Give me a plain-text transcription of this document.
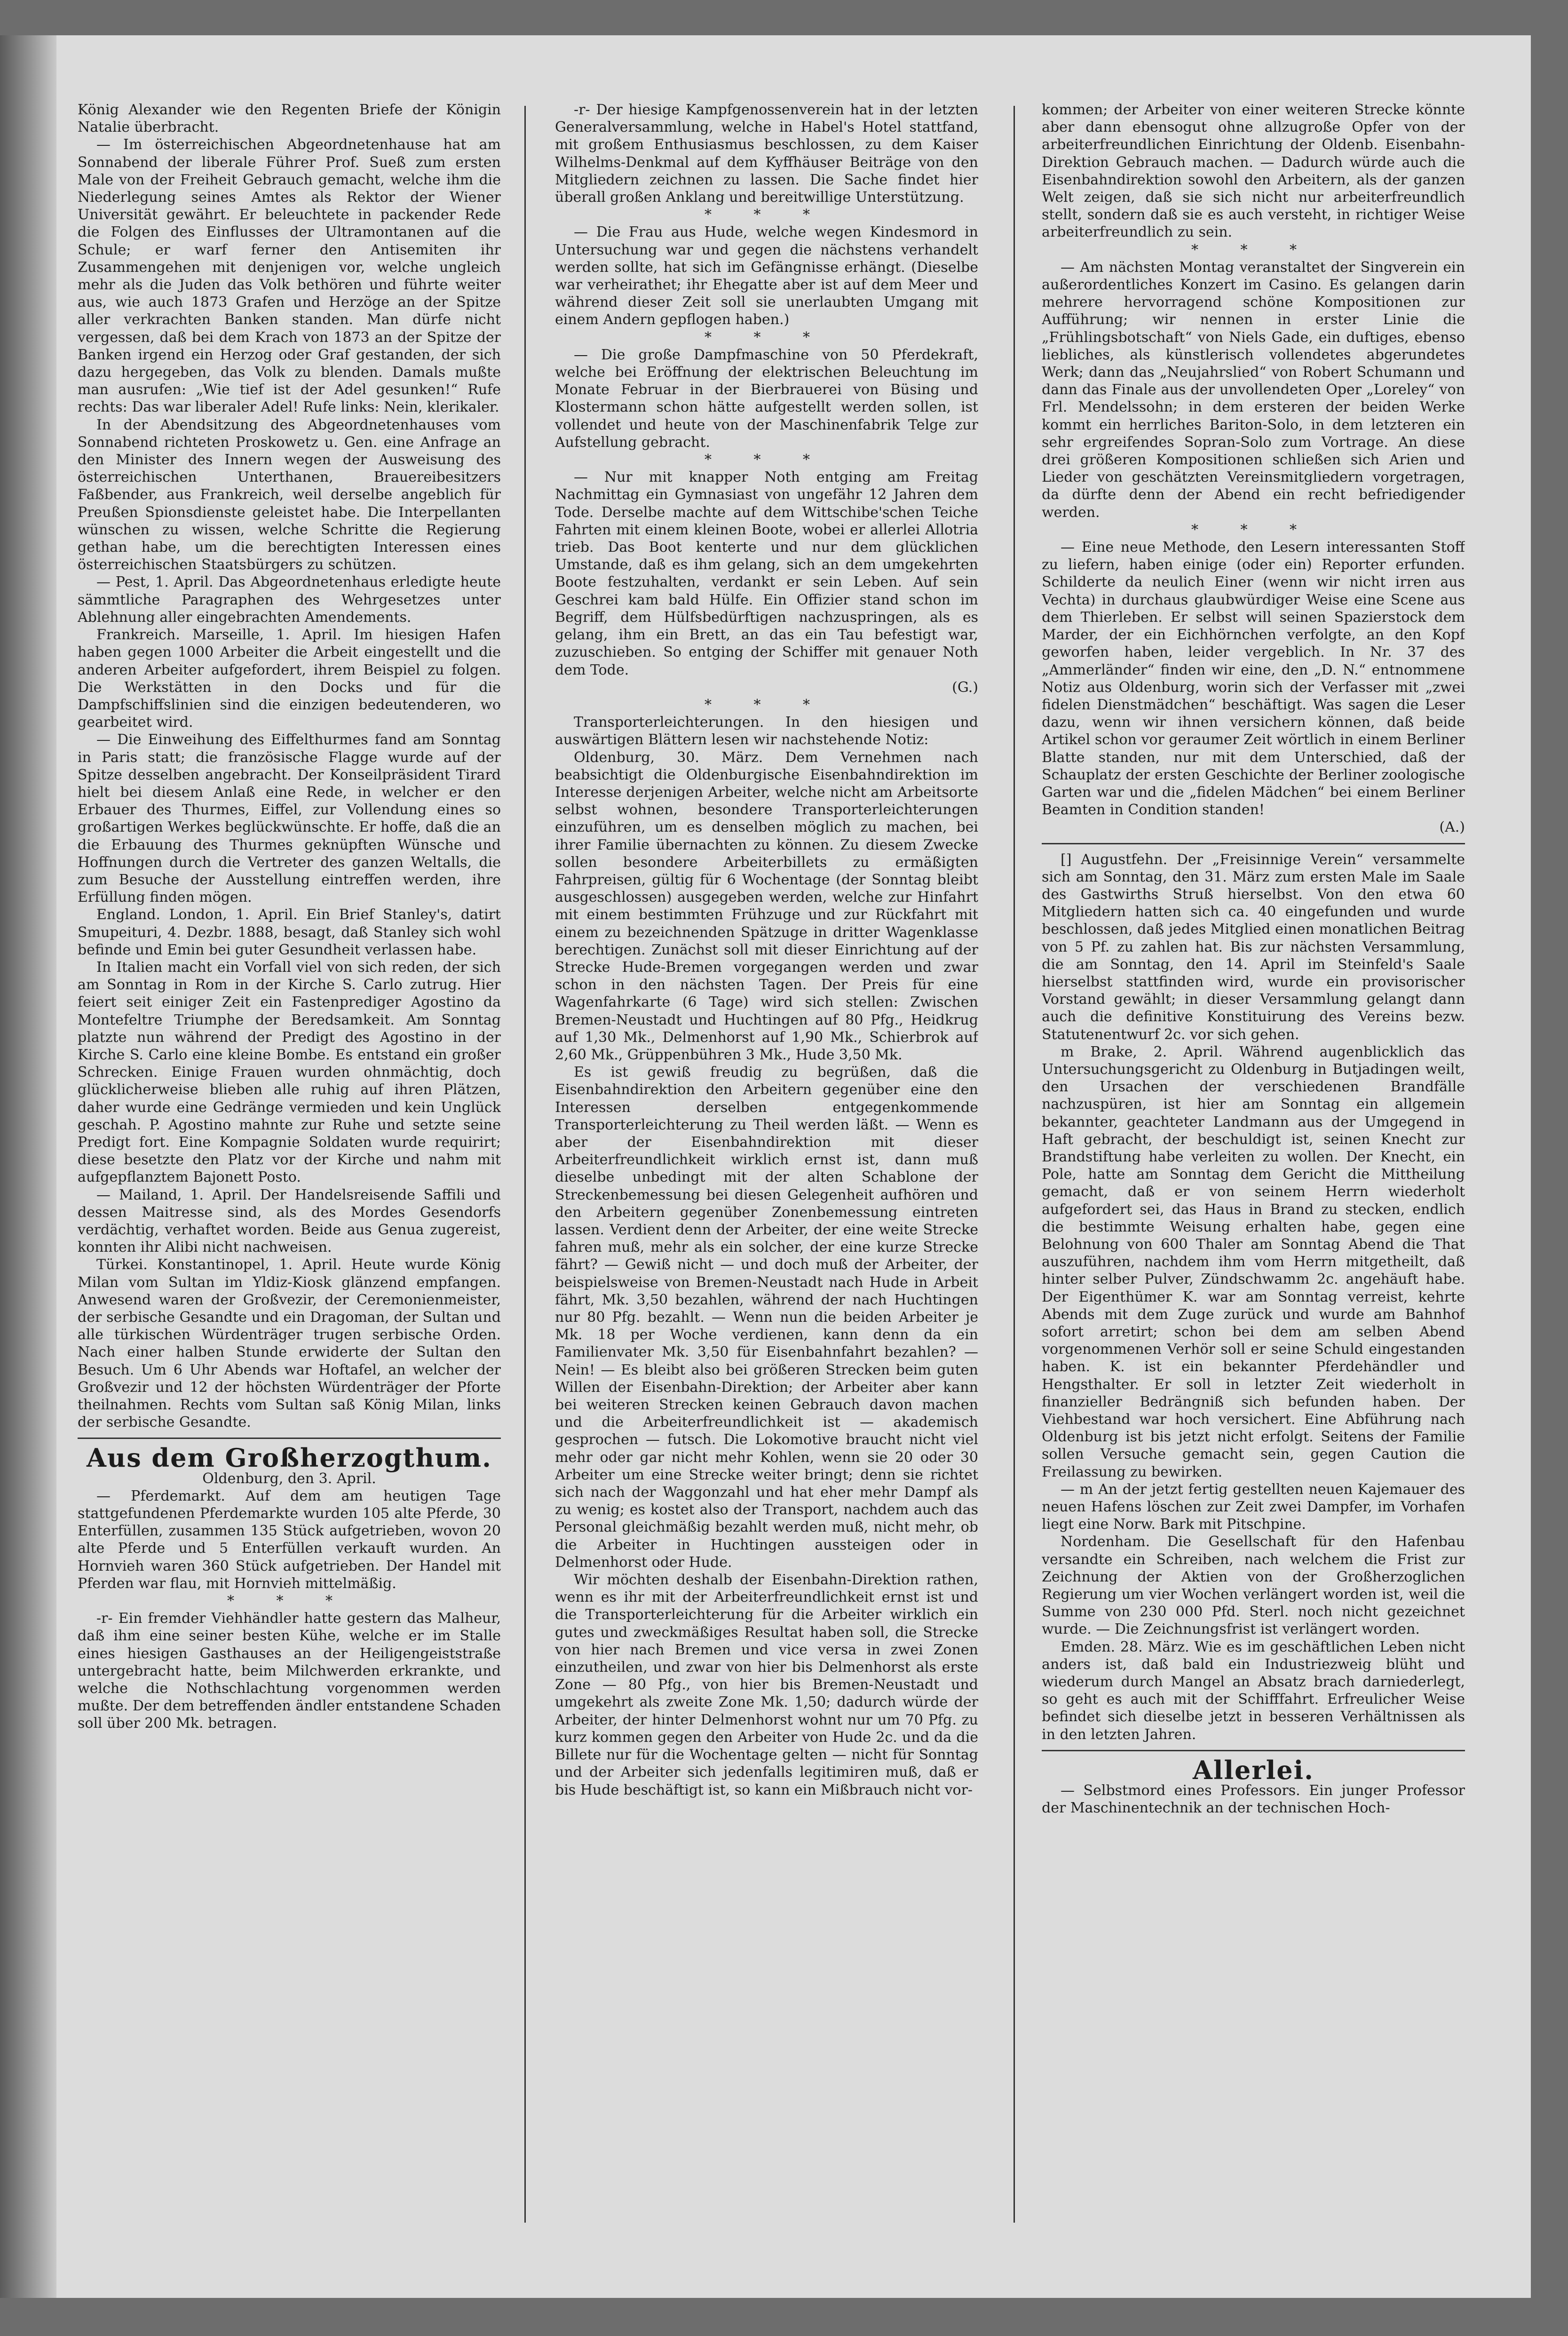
König Alexander wie den Regenten Briefe der Königin Natalie überbracht.

— Im österreichischen Abgeordnetenhause hat am Sonnabend der liberale Führer Prof. Sueß zum ersten Male von der Freiheit Gebrauch gemacht, welche ihm die Niederlegung seines Amtes als Rektor der Wiener Universität gewährt. Er beleuchtete in packender Rede die Folgen des Einflusses der Ultramontanen auf die Schule; er warf ferner den Antisemiten ihr Zusammengehen mit denjenigen vor, welche ungleich mehr als die Juden das Volk bethören und führte weiter aus, wie auch 1873 Grafen und Herzöge an der Spitze aller verkrachten Banken standen. Man dürfe nicht vergessen, daß bei dem Krach von 1873 an der Spitze der Banken irgend ein Herzog oder Graf gestanden, der sich dazu hergegeben, das Volk zu blenden. Damals mußte man ausrufen: „Wie tief ist der Adel gesunken!“ Rufe rechts: Das war liberaler Adel! Rufe links: Nein, klerikaler.

In der Abendsitzung des Abgeordnetenhauses vom Sonnabend richteten Proskowetz u. Gen. eine Anfrage an den Minister des Innern wegen der Ausweisung des österreichischen Unterthanen, Brauereibesitzers Faßbender, aus Frankreich, weil derselbe angeblich für Preußen Spionsdienste geleistet habe. Die Interpellanten wünschen zu wissen, welche Schritte die Regierung gethan habe, um die berechtigten Interessen eines österreichischen Staatsbürgers zu schützen.

— Pest, 1. April. Das Abgeordnetenhaus erledigte heute sämmtliche Paragraphen des Wehrgesetzes unter Ablehnung aller eingebrachten Amendements.

Frankreich. Marseille, 1. April. Im hiesigen Hafen haben gegen 1000 Arbeiter die Arbeit eingestellt und die anderen Arbeiter aufgefordert, ihrem Beispiel zu folgen. Die Werkstätten in den Docks und für die Dampfschiffslinien sind die einzigen bedeutenderen, wo gearbeitet wird.

— Die Einweihung des Eiffelthurmes fand am Sonntag in Paris statt; die französische Flagge wurde auf der Spitze desselben angebracht. Der Konseilpräsident Tirard hielt bei diesem Anlaß eine Rede, in welcher er den Erbauer des Thurmes, Eiffel, zur Vollendung eines so großartigen Werkes beglückwünschte. Er hoffe, daß die an die Erbauung des Thurmes geknüpften Wünsche und Hoffnungen durch die Vertreter des ganzen Weltalls, die zum Besuche der Ausstellung eintreffen werden, ihre Erfüllung finden mögen.

England. London, 1. April. Ein Brief Stanley's, datirt Smupeituri, 4. Dezbr. 1888, besagt, daß Stanley sich wohl befinde und Emin bei guter Gesundheit verlassen habe.

In Italien macht ein Vorfall viel von sich reden, der sich am Sonntag in Rom in der Kirche S. Carlo zutrug. Hier feiert seit einiger Zeit ein Fastenprediger Agostino da Montefeltre Triumphe der Beredsamkeit. Am Sonntag platzte nun während der Predigt des Agostino in der Kirche S. Carlo eine kleine Bombe. Es entstand ein großer Schrecken. Einige Frauen wurden ohnmächtig, doch glücklicherweise blieben alle ruhig auf ihren Plätzen, daher wurde eine Gedränge vermieden und kein Unglück geschah. P. Agostino mahnte zur Ruhe und setzte seine Predigt fort. Eine Kompagnie Soldaten wurde requirirt; diese besetzte den Platz vor der Kirche und nahm mit aufgepflanztem Bajonett Posto.

— Mailand, 1. April. Der Handelsreisende Saffili und dessen Maitresse sind, als des Mordes Gesendorfs verdächtig, verhaftet worden. Beide aus Genua zugereist, konnten ihr Alibi nicht nachweisen.

Türkei. Konstantinopel, 1. April. Heute wurde König Milan vom Sultan im Yldiz-Kiosk glänzend empfangen. Anwesend waren der Großvezir, der Ceremonienmeister, der serbische Gesandte und ein Dragoman, der Sultan und alle türkischen Würdenträger trugen serbische Orden. Nach einer halben Stunde erwiderte der Sultan den Besuch. Um 6 Uhr Abends war Hoftafel, an welcher der Großvezir und 12 der höchsten Würdenträger der Pforte theilnahmen. Rechts vom Sultan saß König Milan, links der serbische Gesandte.

Aus dem Großherzogthum.

Oldenburg, den 3. April.

— Pferdemarkt. Auf dem am heutigen Tage stattgefundenen Pferdemarkte wurden 105 alte Pferde, 30 Enterfüllen, zusammen 135 Stück aufgetrieben, wovon 20 alte Pferde und 5 Enterfüllen verkauft wurden. An Hornvieh waren 360 Stück aufgetrieben. Der Handel mit Pferden war flau, mit Hornvieh mittelmäßig.

* * *

-r- Ein fremder Viehhändler hatte gestern das Malheur, daß ihm eine seiner besten Kühe, welche er im Stalle eines hiesigen Gasthauses an der Heiligengeiststraße untergebracht hatte, beim Milchwerden erkrankte, und welche die Nothschlachtung vorgenommen werden mußte. Der dem betreffenden ändler entstandene Schaden soll über 200 Mk. betragen.

-r- Der hiesige Kampfgenossenverein hat in der letzten Generalversammlung, welche in Habel's Hotel stattfand, mit großem Enthusiasmus beschlossen, zu dem Kaiser Wilhelms-Denkmal auf dem Kyffhäuser Beiträge von den Mitgliedern zeichnen zu lassen. Die Sache findet hier überall großen Anklang und bereitwillige Unterstützung.

* * *

— Die Frau aus Hude, welche wegen Kindesmord in Untersuchung war und gegen die nächstens verhandelt werden sollte, hat sich im Gefängnisse erhängt. (Dieselbe war verheirathet; ihr Ehegatte aber ist auf dem Meer und während dieser Zeit soll sie unerlaubten Umgang mit einem Andern gepflogen haben.)

* * *

— Die große Dampfmaschine von 50 Pferdekraft, welche bei Eröffnung der elektrischen Beleuchtung im Monate Februar in der Bierbrauerei von Büsing und Klostermann schon hätte aufgestellt werden sollen, ist vollendet und heute von der Maschinenfabrik Telge zur Aufstellung gebracht.

* * *

— Nur mit knapper Noth entging am Freitag Nachmittag ein Gymnasiast von ungefähr 12 Jahren dem Tode. Derselbe machte auf dem Wittschibe'schen Teiche Fahrten mit einem kleinen Boote, wobei er allerlei Allotria trieb. Das Boot kenterte und nur dem glücklichen Umstande, daß es ihm gelang, sich an dem umgekehrten Boote festzuhalten, verdankt er sein Leben. Auf sein Geschrei kam bald Hülfe. Ein Offizier stand schon im Begriff, dem Hülfsbedürftigen nachzuspringen, als es gelang, ihm ein Brett, an das ein Tau befestigt war, zuzuschieben. So entging der Schiffer mit genauer Noth dem Tode.

(G.)

* * *

Transporterleichterungen. In den hiesigen und auswärtigen Blättern lesen wir nachstehende Notiz:

Oldenburg, 30. März. Dem Vernehmen nach beabsichtigt die Oldenburgische Eisenbahndirektion im Interesse derjenigen Arbeiter, welche nicht am Arbeitsorte selbst wohnen, besondere Transporterleichterungen einzuführen, um es denselben möglich zu machen, bei ihrer Familie übernachten zu können. Zu diesem Zwecke sollen besondere Arbeiterbillets zu ermäßigten Fahrpreisen, gültig für 6 Wochentage (der Sonntag bleibt ausgeschlossen) ausgegeben werden, welche zur Hinfahrt mit einem bestimmten Frühzuge und zur Rückfahrt mit einem zu bezeichnenden Spätzuge in dritter Wagenklasse berechtigen. Zunächst soll mit dieser Einrichtung auf der Strecke Hude-Bremen vorgegangen werden und zwar schon in den nächsten Tagen. Der Preis für eine Wagenfahrkarte (6 Tage) wird sich stellen: Zwischen Bremen-Neustadt und Huchtingen auf 80 Pfg., Heidkrug auf 1,30 Mk., Delmenhorst auf 1,90 Mk., Schierbrok auf 2,60 Mk., Grüppenbühren 3 Mk., Hude 3,50 Mk.

Es ist gewiß freudig zu begrüßen, daß die Eisenbahndirektion den Arbeitern gegenüber eine den Interessen derselben entgegenkommende Transporterleichterung zu Theil werden läßt. — Wenn es aber der Eisenbahndirektion mit dieser Arbeiterfreundlichkeit wirklich ernst ist, dann muß dieselbe unbedingt mit der alten Schablone der Streckenbemessung bei diesen Gelegenheit aufhören und den Arbeitern gegenüber Zonenbemessung eintreten lassen. Verdient denn der Arbeiter, der eine weite Strecke fahren muß, mehr als ein solcher, der eine kurze Strecke fährt? — Gewiß nicht — und doch muß der Arbeiter, der beispielsweise von Bremen-Neustadt nach Hude in Arbeit fährt, Mk. 3,50 bezahlen, während der nach Huchtingen nur 80 Pfg. bezahlt. — Wenn nun die beiden Arbeiter je Mk. 18 per Woche verdienen, kann denn da ein Familienvater Mk. 3,50 für Eisenbahnfahrt bezahlen? — Nein! — Es bleibt also bei größeren Strecken beim guten Willen der Eisenbahn-Direktion; der Arbeiter aber kann bei weiteren Strecken keinen Gebrauch davon machen und die Arbeiterfreundlichkeit ist — akademisch gesprochen — futsch. Die Lokomotive braucht nicht viel mehr oder gar nicht mehr Kohlen, wenn sie 20 oder 30 Arbeiter um eine Strecke weiter bringt; denn sie richtet sich nach der Waggonzahl und hat eher mehr Dampf als zu wenig; es kostet also der Transport, nachdem auch das Personal gleichmäßig bezahlt werden muß, nicht mehr, ob die Arbeiter in Huchtingen aussteigen oder in Delmenhorst oder Hude.

Wir möchten deshalb der Eisenbahn-Direktion rathen, wenn es ihr mit der Arbeiterfreundlichkeit ernst ist und die Transporterleichterung für die Arbeiter wirklich ein gutes und zweckmäßiges Resultat haben soll, die Strecke von hier nach Bremen und vice versa in zwei Zonen einzutheilen, und zwar von hier bis Delmenhorst als erste Zone — 80 Pfg., von hier bis Bremen-Neustadt und umgekehrt als zweite Zone Mk. 1,50; dadurch würde der Arbeiter, der hinter Delmenhorst wohnt nur um 70 Pfg. zu kurz kommen gegen den Arbeiter von Hude 2c. und da die Billete nur für die Wochentage gelten — nicht für Sonntag und der Arbeiter sich jedenfalls legitimiren muß, daß er bis Hude beschäftigt ist, so kann ein Mißbrauch nicht vor-

kommen; der Arbeiter von einer weiteren Strecke könnte aber dann ebensogut ohne allzugroße Opfer von der arbeiterfreundlichen Einrichtung der Oldenb. Eisenbahn-Direktion Gebrauch machen. — Dadurch würde auch die Eisenbahndirektion sowohl den Arbeitern, als der ganzen Welt zeigen, daß sie sich nicht nur arbeiterfreundlich stellt, sondern daß sie es auch versteht, in richtiger Weise arbeiterfreundlich zu sein.

* * *

— Am nächsten Montag veranstaltet der Singverein ein außerordentliches Konzert im Casino. Es gelangen darin mehrere hervorragend schöne Kompositionen zur Aufführung; wir nennen in erster Linie die „Frühlingsbotschaft“ von Niels Gade, ein duftiges, ebenso liebliches, als künstlerisch vollendetes abgerundetes Werk; dann das „Neujahrslied“ von Robert Schumann und dann das Finale aus der unvollendeten Oper „Loreley“ von Frl. Mendelssohn; in dem ersteren der beiden Werke kommt ein herrliches Bariton-Solo, in dem letzteren ein sehr ergreifendes Sopran-Solo zum Vortrage. An diese drei größeren Kompositionen schließen sich Arien und Lieder von geschätzten Vereinsmitgliedern vorgetragen, da dürfte denn der Abend ein recht befriedigender werden.

* * *

— Eine neue Methode, den Lesern interessanten Stoff zu liefern, haben einige (oder ein) Reporter erfunden. Schilderte da neulich Einer (wenn wir nicht irren aus Vechta) in durchaus glaubwürdiger Weise eine Scene aus dem Thierleben. Er selbst will seinen Spazierstock dem Marder, der ein Eichhörnchen verfolgte, an den Kopf geworfen haben, leider vergeblich. In Nr. 37 des „Ammerländer“ finden wir eine, den „D. N.“ entnommene Notiz aus Oldenburg, worin sich der Verfasser mit „zwei fidelen Dienstmädchen“ beschäftigt. Was sagen die Leser dazu, wenn wir ihnen versichern können, daß beide Artikel schon vor geraumer Zeit wörtlich in einem Berliner Blatte standen, nur mit dem Unterschied, daß der Schauplatz der ersten Geschichte der Berliner zoologische Garten war und die „fidelen Mädchen“ bei einem Berliner Beamten in Condition standen!

(A.)

[] Augustfehn. Der „Freisinnige Verein“ versammelte sich am Sonntag, den 31. März zum ersten Male im Saale des Gastwirths Struß hierselbst. Von den etwa 60 Mitgliedern hatten sich ca. 40 eingefunden und wurde beschlossen, daß jedes Mitglied einen monatlichen Beitrag von 5 Pf. zu zahlen hat. Bis zur nächsten Versammlung, die am Sonntag, den 14. April im Steinfeld's Saale hierselbst stattfinden wird, wurde ein provisorischer Vorstand gewählt; in dieser Versammlung gelangt dann auch die definitive Konstituirung des Vereins bezw. Statutenentwurf 2c. vor sich gehen.

m Brake, 2. April. Während augenblicklich das Untersuchungsgericht zu Oldenburg in Butjadingen weilt, den Ursachen der verschiedenen Brandfälle nachzuspüren, ist hier am Sonntag ein allgemein bekannter, geachteter Landmann aus der Umgegend in Haft gebracht, der beschuldigt ist, seinen Knecht zur Brandstiftung habe verleiten zu wollen. Der Knecht, ein Pole, hatte am Sonntag dem Gericht die Mittheilung gemacht, daß er von seinem Herrn wiederholt aufgefordert sei, das Haus in Brand zu stecken, endlich die bestimmte Weisung erhalten habe, gegen eine Belohnung von 600 Thaler am Sonntag Abend die That auszuführen, nachdem ihm vom Herrn mitgetheilt, daß hinter selber Pulver, Zündschwamm 2c. angehäuft habe. Der Eigenthümer K. war am Sonntag verreist, kehrte Abends mit dem Zuge zurück und wurde am Bahnhof sofort arretirt; schon bei dem am selben Abend vorgenommenen Verhör soll er seine Schuld eingestanden haben. K. ist ein bekannter Pferdehändler und Hengsthalter. Er soll in letzter Zeit wiederholt in finanzieller Bedrängniß sich befunden haben. Der Viehbestand war hoch versichert. Eine Abführung nach Oldenburg ist bis jetzt nicht erfolgt. Seitens der Familie sollen Versuche gemacht sein, gegen Caution die Freilassung zu bewirken.

— m An der jetzt fertig gestellten neuen Kajemauer des neuen Hafens löschen zur Zeit zwei Dampfer, im Vorhafen liegt eine Norw. Bark mit Pitschpine.

Nordenham. Die Gesellschaft für den Hafenbau versandte ein Schreiben, nach welchem die Frist zur Zeichnung der Aktien von der Großherzoglichen Regierung um vier Wochen verlängert worden ist, weil die Summe von 230 000 Pfd. Sterl. noch nicht gezeichnet wurde. — Die Zeichnungsfrist ist verlängert worden.

Emden. 28. März. Wie es im geschäftlichen Leben nicht anders ist, daß bald ein Industriezweig blüht und wiederum durch Mangel an Absatz brach darniederlegt, so geht es auch mit der Schifffahrt. Erfreulicher Weise befindet sich dieselbe jetzt in besseren Verhältnissen als in den letzten Jahren.

Allerlei.

— Selbstmord eines Professors. Ein junger Professor der Maschinentechnik an der technischen Hoch-
